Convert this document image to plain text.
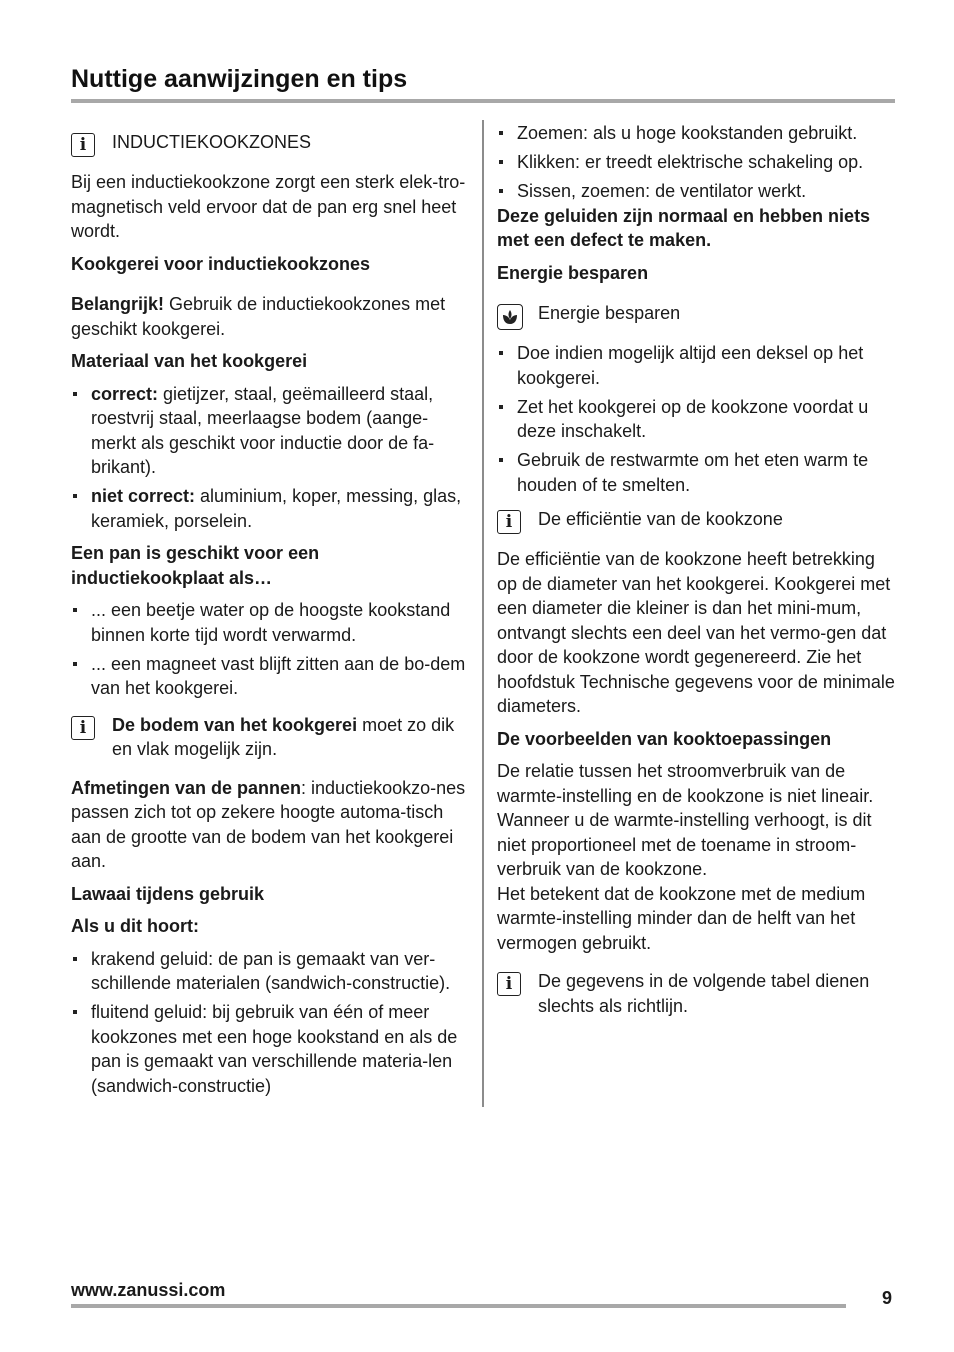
Nuttige aanwijzingen en tips
i	INDUCTIEKOOKZONES

Bij een inductiekookzone zorgt een sterk elek-tro-magnetisch veld ervoor dat de pan erg snel heet wordt.

Kookgerei voor inductiekookzones

Belangrijk! Gebruik de inductiekookzones met geschikt kookgerei.

Materiaal van het kookgerei
correct: gietijzer, staal, geëmailleerd staal, roestvrij staal, meerlaagse bodem (aange-merkt als geschikt voor inductie door de fa-brikant).
niet correct: aluminium, koper, messing, glas, keramiek, porselein.
Een pan is geschikt voor een inductiekookplaat als…
... een beetje water op de hoogste kookstand binnen korte tijd wordt verwarmd.
... een magneet vast blijft zitten aan de bo-dem van het kookgerei.
i	De bodem van het kookgerei moet zo dik en vlak mogelijk zijn.

Afmetingen van de pannen: inductiekookzo-nes passen zich tot op zekere hoogte automa-tisch aan de grootte van de bodem van het kookgerei aan.

Lawaai tijdens gebruik
Als u dit hoort:
krakend geluid: de pan is gemaakt van ver-schillende materialen (sandwich-constructie).
fluitend geluid: bij gebruik van één of meer kookzones met een hoge kookstand en als de pan is gemaakt van verschillende materia-len (sandwich-constructie)
Zoemen: als u hoge kookstanden gebruikt.
Klikken: er treedt elektrische schakeling op.
Sissen, zoemen: de ventilator werkt.
Deze geluiden zijn normaal en hebben niets met een defect te maken.
Energie besparen
Energie besparen
Doe indien mogelijk altijd een deksel op het kookgerei.
Zet het kookgerei op de kookzone voordat u deze inschakelt.
Gebruik de restwarmte om het eten warm te houden of te smelten.
i	De efficiëntie van de kookzone

De efficiëntie van de kookzone heeft betrekking op de diameter van het kookgerei. Kookgerei met een diameter die kleiner is dan het mini-mum, ontvangt slechts een deel van het vermo-gen dat door de kookzone wordt gegenereerd. Zie het hoofdstuk Technische gegevens voor de minimale diameters.

De voorbeelden van kooktoepassingen

De relatie tussen het stroomverbruik van de warmte-instelling en de kookzone is niet lineair. Wanneer u de warmte-instelling verhoogt, is dit niet proportioneel met de toename in stroom-verbruik van de kookzone.

Het betekent dat de kookzone met de medium warmte-instelling minder dan de helft van het vermogen gebruikt.

i	De gegevens in de volgende tabel dienen slechts als richtlijn.
www.zanussi.com	9
